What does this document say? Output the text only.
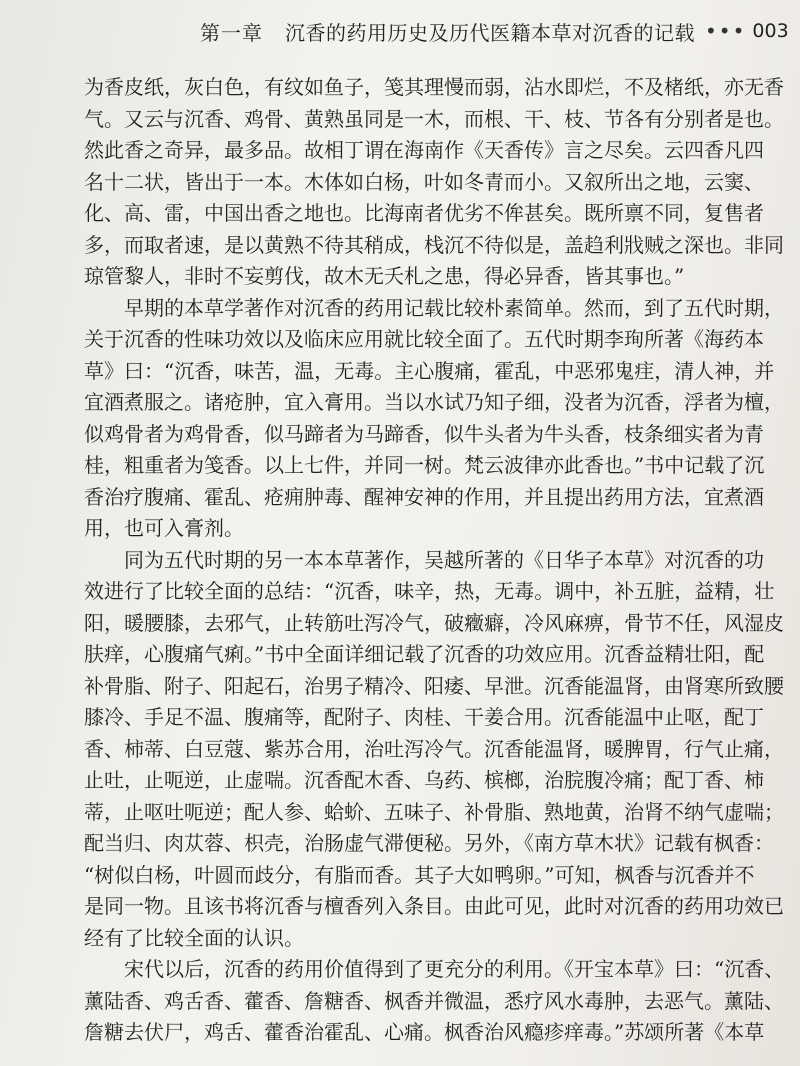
第一章 沉香的药用历史及历代医籍本草对沉香的记载 ••• 003
为香皮纸，灰白色，有纹如鱼子，笺其理慢而弱，沾水即烂，不及楮纸，亦无香
气。又云与沉香、鸡骨、黄熟虽同是一木，而根、干、枝、节各有分别者是也。
然此香之奇异，最多品。故相丁谓在海南作《天香传》言之尽矣。云四香凡四
名十二状，皆出于一本。木体如白杨，叶如冬青而小。又叙所出之地，云窦、
化、高、雷，中国出香之地也。比海南者优劣不侔甚矣。既所禀不同，复售者
多，而取者速，是以黄熟不待其稍成，栈沉不待似是，盖趋利戕贼之深也。非同
琼管黎人，非时不妄剪伐，故木无夭札之患，得必异香，皆其事也。”
早期的本草学著作对沉香的药用记载比较朴素简单。然而，到了五代时期，
关于沉香的性味功效以及临床应用就比较全面了。五代时期李珣所著《海药本
草》曰：“沉香，味苦，温，无毒。主心腹痛，霍乱，中恶邪鬼疰，清人神，并
宜酒煮服之。诸疮肿，宜入膏用。当以水试乃知子细，没者为沉香，浮者为檀，
似鸡骨者为鸡骨香，似马蹄者为马蹄香，似牛头者为牛头香，枝条细实者为青
桂，粗重者为笺香。以上七件，并同一树。梵云波律亦此香也。”书中记载了沉
香治疗腹痛、霍乱、疮痈肿毒、醒神安神的作用，并且提出药用方法，宜煮酒
用，也可入膏剂。
同为五代时期的另一本本草著作，吴越所著的《日华子本草》对沉香的功
效进行了比较全面的总结：“沉香，味辛，热，无毒。调中，补五脏，益精，壮
阳，暖腰膝，去邪气，止转筋吐泻冷气，破癥癖，冷风麻痹，骨节不任，风湿皮
肤痒，心腹痛气痢。”书中全面详细记载了沉香的功效应用。沉香益精壮阳，配
补骨脂、附子、阳起石，治男子精冷、阳痿、早泄。沉香能温肾，由肾寒所致腰
膝冷、手足不温、腹痛等，配附子、肉桂、干姜合用。沉香能温中止呕，配丁
香、柿蒂、白豆蔻、紫苏合用，治吐泻冷气。沉香能温肾，暖脾胃，行气止痛，
止吐，止呃逆，止虚喘。沉香配木香、乌药、槟榔，治脘腹冷痛；配丁香、柿
蒂，止呕吐呃逆；配人参、蛤蚧、五味子、补骨脂、熟地黄，治肾不纳气虚喘；
配当归、肉苁蓉、枳壳，治肠虚气滞便秘。另外，《南方草木状》记载有枫香：
“树似白杨，叶圆而歧分，有脂而香。其子大如鸭卵。”可知，枫香与沉香并不
是同一物。且该书将沉香与檀香列入条目。由此可见，此时对沉香的药用功效已
经有了比较全面的认识。
宋代以后，沉香的药用价值得到了更充分的利用。《开宝本草》曰：“沉香、
薰陆香、鸡舌香、藿香、詹糖香、枫香并微温，悉疗风水毒肿，去恶气。薰陆、
詹糖去伏尸，鸡舌、藿香治霍乱、心痛。枫香治风瘾疹痒毒。”苏颂所著《本草
